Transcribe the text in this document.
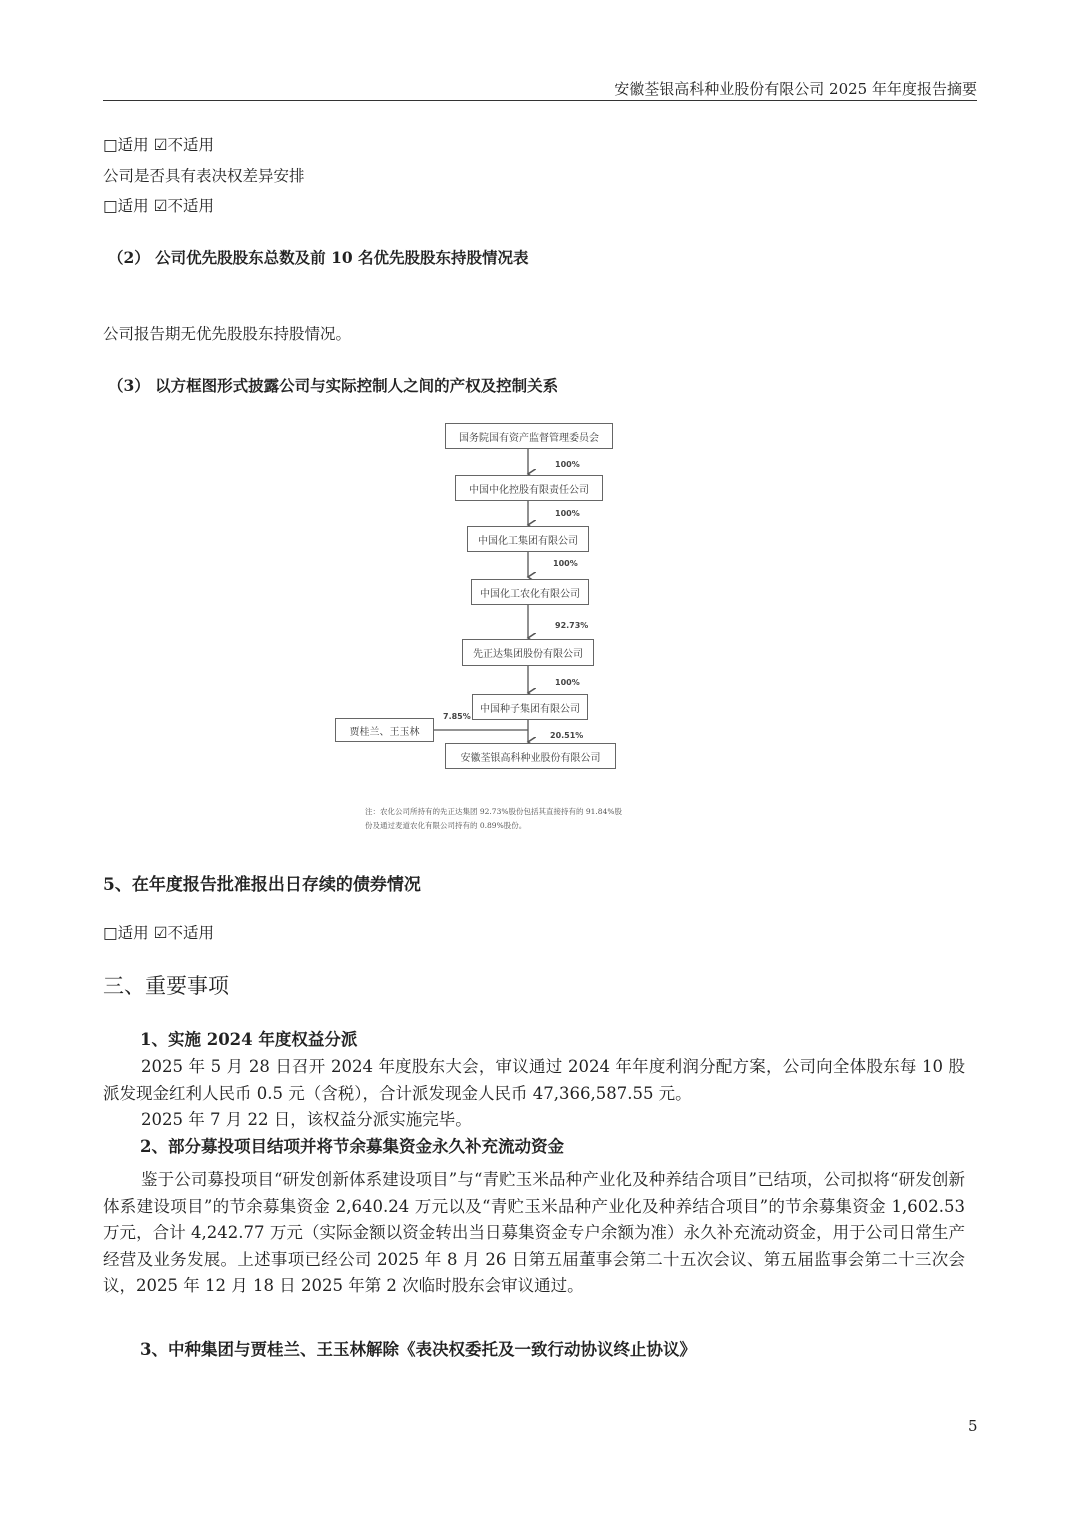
安徽荃银高科种业股份有限公司 2025 年年度报告摘要
□适用 ☑不适用
公司是否具有表决权差异安排
□适用 ☑不适用
（2） 公司优先股股东总数及前 10 名优先股股东持股情况表
公司报告期无优先股股东持股情况。
（3） 以方框图形式披露公司与实际控制人之间的产权及控制关系
国务院国有资产监督管理委员会
中国中化控股有限责任公司
中国化工集团有限公司
中国化工农化有限公司
先正达集团股份有限公司
中国种子集团有限公司
贾桂兰、王玉林
安徽荃银高科种业股份有限公司
100%
100%
100%
92.73%
100%
7.85%
20.51%
注：农化公司所持有的先正达集团 92.73%股份包括其直接持有的 91.84%股份及通过麦道农化有限公司持有的 0.89%股份。
5、在年度报告批准报出日存续的债券情况
□适用 ☑不适用
三、重要事项
1、实施 2024 年度权益分派
2025 年 5 月 28 日召开 2024 年度股东大会，审议通过 2024 年年度利润分配方案，公司向全体股东每 10 股派发现金红利人民币 0.5 元（含税），合计派发现金人民币 47,366,587.55 元。
2025 年 7 月 22 日，该权益分派实施完毕。
2、部分募投项目结项并将节余募集资金永久补充流动资金
鉴于公司募投项目“研发创新体系建设项目”与“青贮玉米品种产业化及种养结合项目”已结项，公司拟将“研发创新体系建设项目”的节余募集资金 2,640.24 万元以及“青贮玉米品种产业化及种养结合项目”的节余募集资金 1,602.53 万元，合计 4,242.77 万元（实际金额以资金转出当日募集资金专户余额为准）永久补充流动资金，用于公司日常生产经营及业务发展。上述事项已经公司 2025 年 8 月 26 日第五届董事会第二十五次会议、第五届监事会第二十三次会议，2025 年 12 月 18 日 2025 年第 2 次临时股东会审议通过。
3、中种集团与贾桂兰、王玉林解除《表决权委托及一致行动协议终止协议》
5
